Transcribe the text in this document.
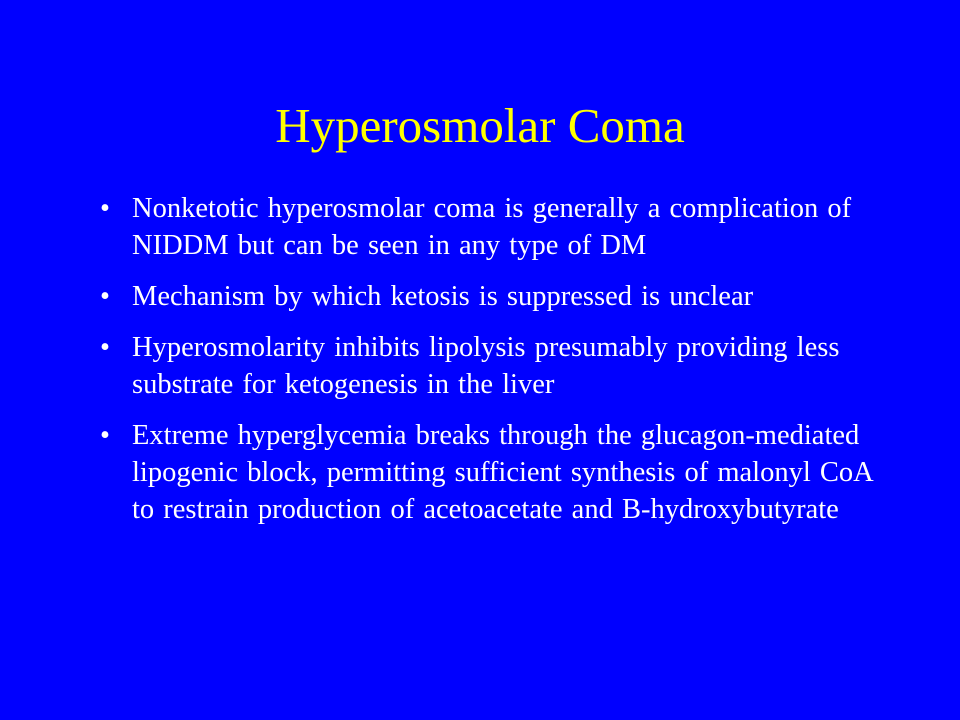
Hyperosmolar Coma
• Nonketotic hyperosmolar coma is generally a complication of NIDDM but can be seen in any type of DM
• Mechanism by which ketosis is suppressed is unclear
• Hyperosmolarity inhibits lipolysis presumably providing less substrate for ketogenesis in the liver
• Extreme hyperglycemia breaks through the glucagon-mediated lipogenic block, permitting sufficient synthesis of malonyl CoA to restrain production of acetoacetate and B-hydroxybutyrate
